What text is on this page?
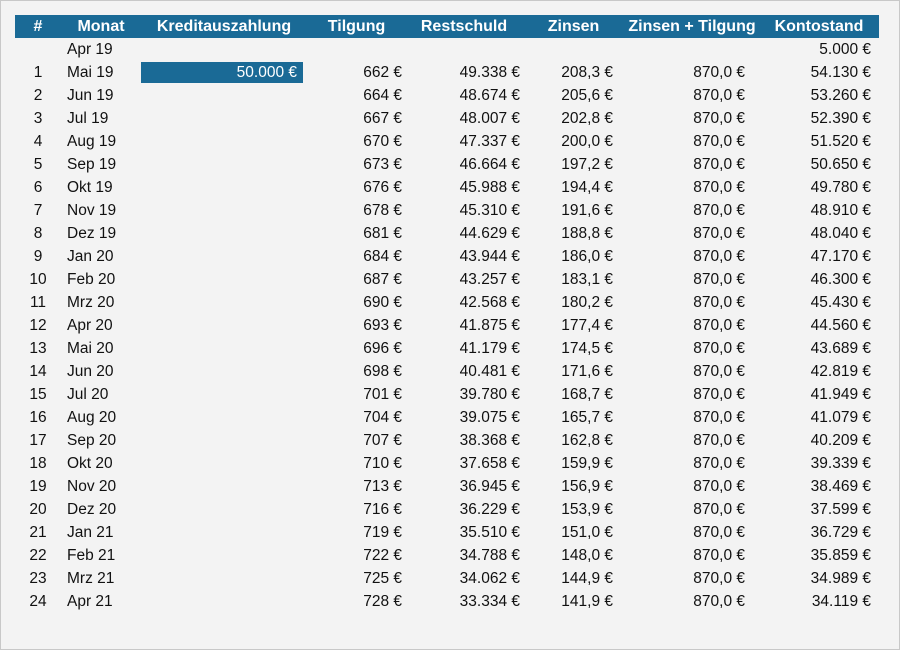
#	Monat	Kreditauszahlung	Tilgung	Restschuld	Zinsen	Zinsen + Tilgung	Kontostand
	Apr 19						5.000 €
1	Mai 19	50.000 €	662 €	49.338 €	208,3 €	870,0 €	54.130 €
2	Jun 19		664 €	48.674 €	205,6 €	870,0 €	53.260 €
3	Jul 19		667 €	48.007 €	202,8 €	870,0 €	52.390 €
4	Aug 19		670 €	47.337 €	200,0 €	870,0 €	51.520 €
5	Sep 19		673 €	46.664 €	197,2 €	870,0 €	50.650 €
6	Okt 19		676 €	45.988 €	194,4 €	870,0 €	49.780 €
7	Nov 19		678 €	45.310 €	191,6 €	870,0 €	48.910 €
8	Dez 19		681 €	44.629 €	188,8 €	870,0 €	48.040 €
9	Jan 20		684 €	43.944 €	186,0 €	870,0 €	47.170 €
10	Feb 20		687 €	43.257 €	183,1 €	870,0 €	46.300 €
11	Mrz 20		690 €	42.568 €	180,2 €	870,0 €	45.430 €
12	Apr 20		693 €	41.875 €	177,4 €	870,0 €	44.560 €
13	Mai 20		696 €	41.179 €	174,5 €	870,0 €	43.689 €
14	Jun 20		698 €	40.481 €	171,6 €	870,0 €	42.819 €
15	Jul 20		701 €	39.780 €	168,7 €	870,0 €	41.949 €
16	Aug 20		704 €	39.075 €	165,7 €	870,0 €	41.079 €
17	Sep 20		707 €	38.368 €	162,8 €	870,0 €	40.209 €
18	Okt 20		710 €	37.658 €	159,9 €	870,0 €	39.339 €
19	Nov 20		713 €	36.945 €	156,9 €	870,0 €	38.469 €
20	Dez 20		716 €	36.229 €	153,9 €	870,0 €	37.599 €
21	Jan 21		719 €	35.510 €	151,0 €	870,0 €	36.729 €
22	Feb 21		722 €	34.788 €	148,0 €	870,0 €	35.859 €
23	Mrz 21		725 €	34.062 €	144,9 €	870,0 €	34.989 €
24	Apr 21		728 €	33.334 €	141,9 €	870,0 €	34.119 €
